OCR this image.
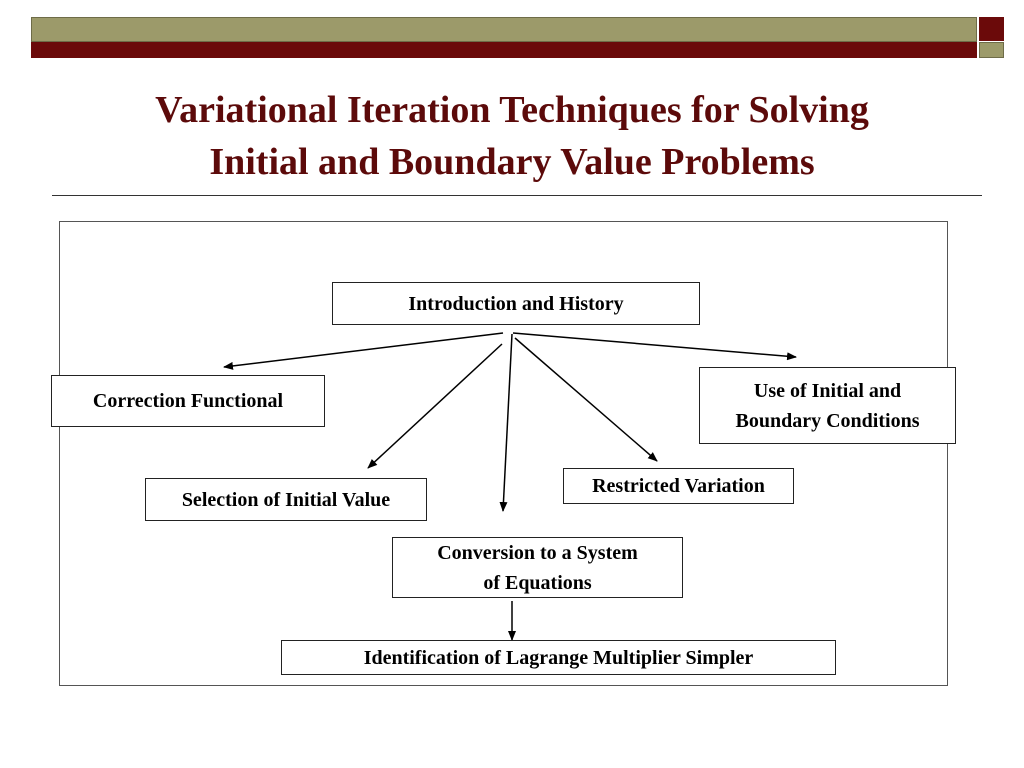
Variational Iteration Techniques for Solving
Initial and Boundary Value Problems
Introduction and History
Correction Functional	Use of Initial and
Boundary Conditions
Restricted Variation
Selection of Initial Value
Conversion to a System
of Equations
Identification of Lagrange Multiplier Simpler
